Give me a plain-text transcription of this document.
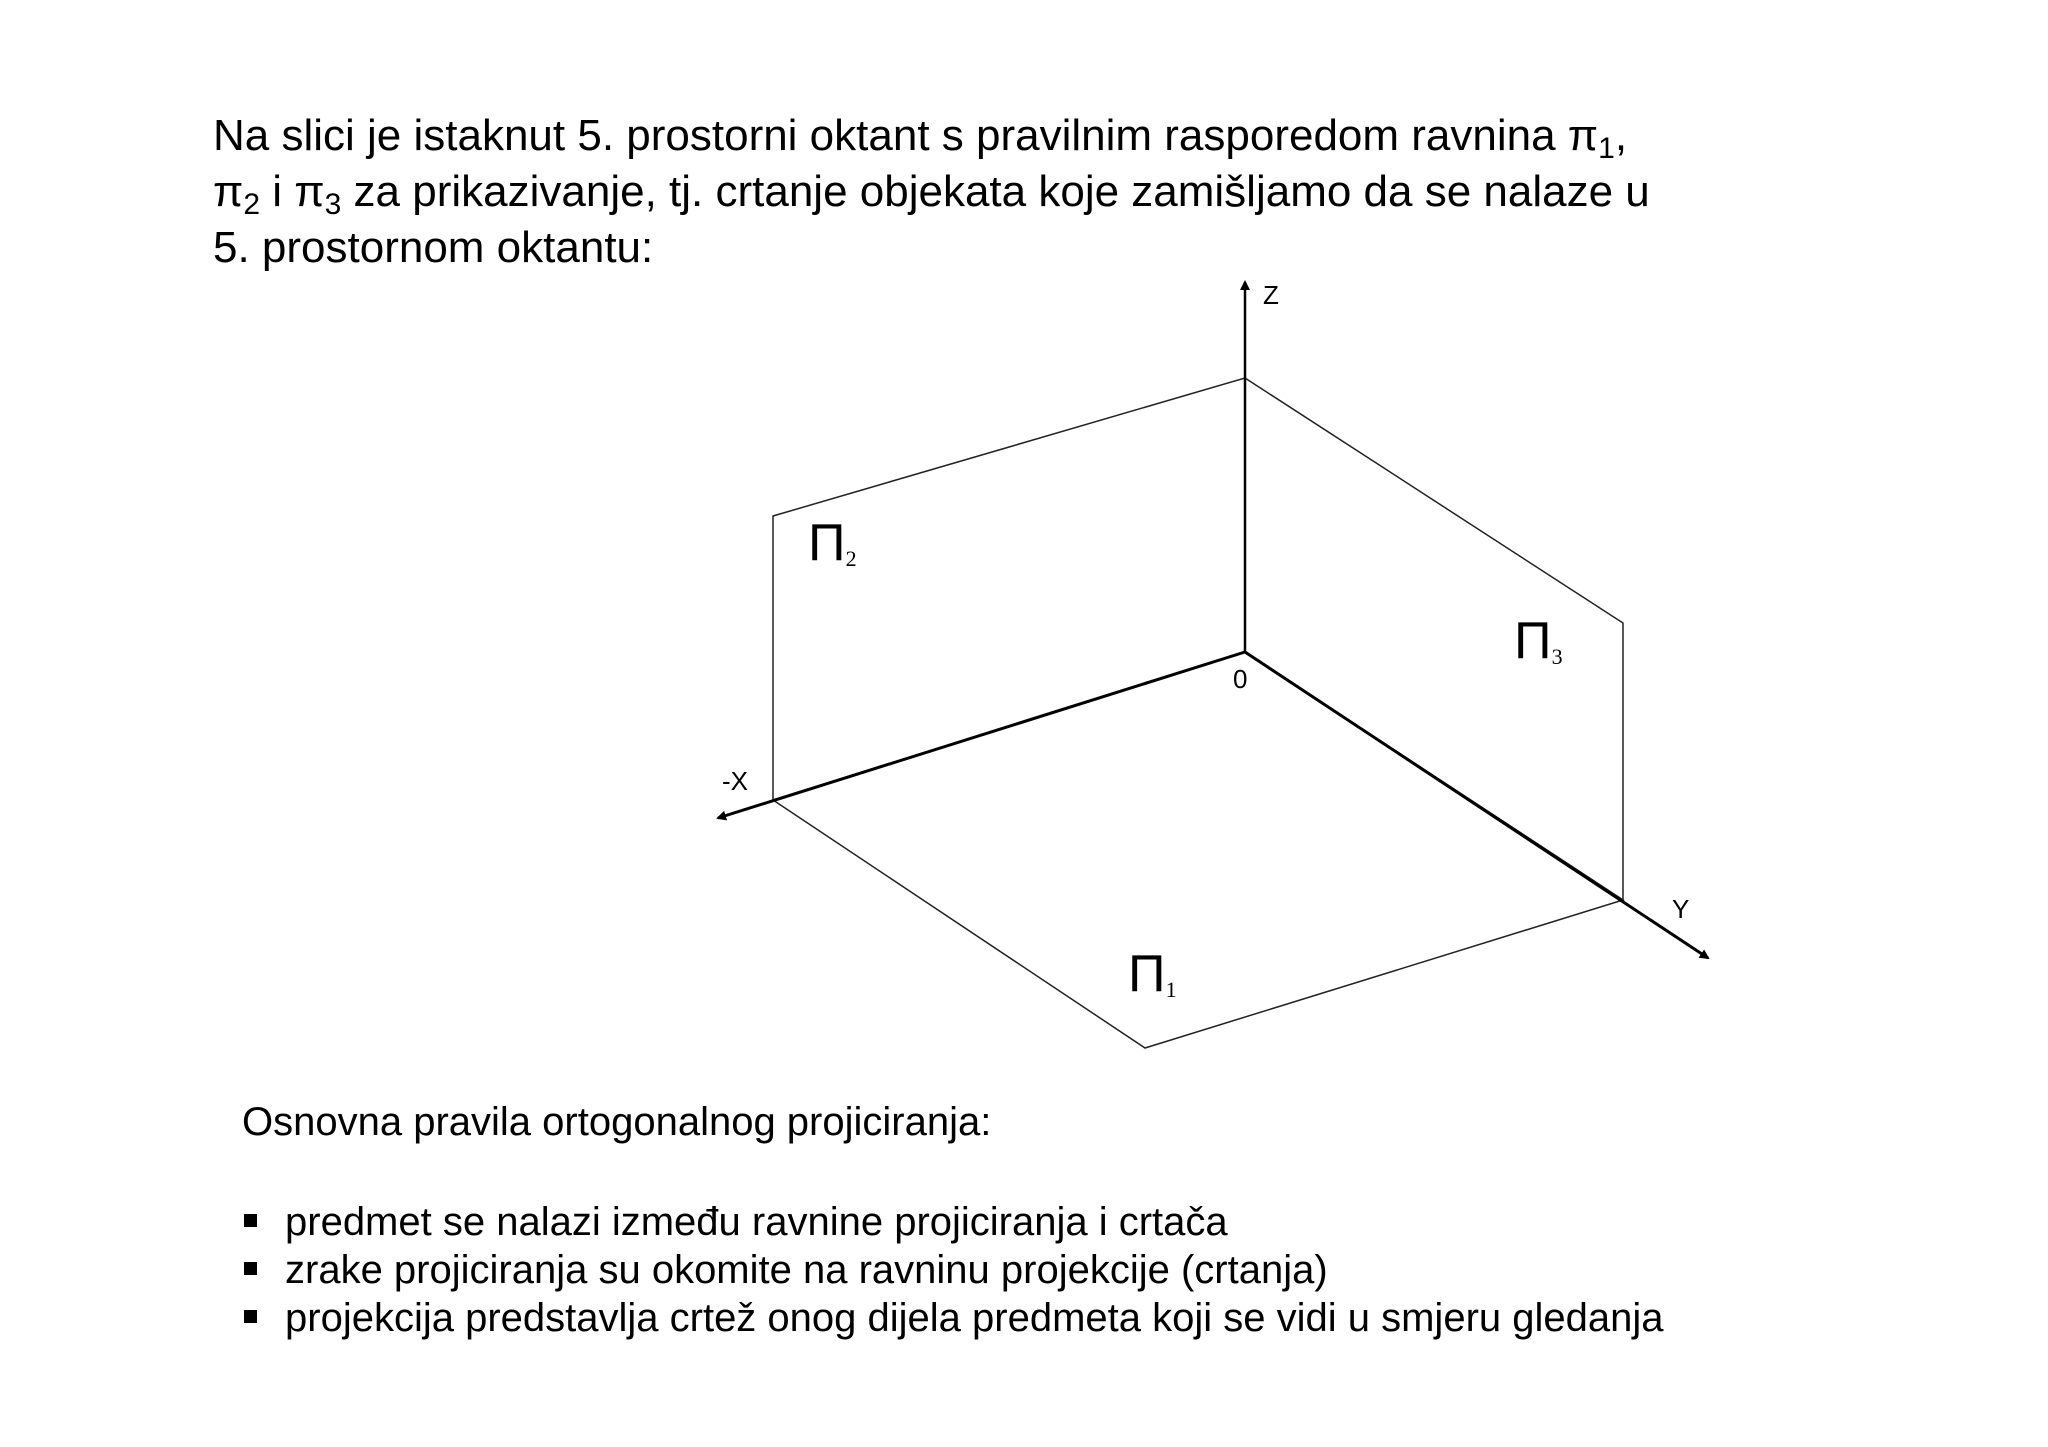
Na slici je istaknut 5. prostorni oktant s pravilnim rasporedom ravnina $\pi_1$,
$\pi_2$ i $\pi_3$ za prikazivanje, tj. crtanje objekata koje zamišljamo da se nalaze u
5. prostornom oktantu:
Z
0
-X
Y
Π2
Π3
Π1
Osnovna pravila ortogonalnog projiciranja:
predmet se nalazi između ravnine projiciranja i crtača
zrake projiciranja su okomite na ravninu projekcije (crtanja)
projekcija predstavlja crtež onog dijela predmeta koji se vidi u smjeru gledanja
